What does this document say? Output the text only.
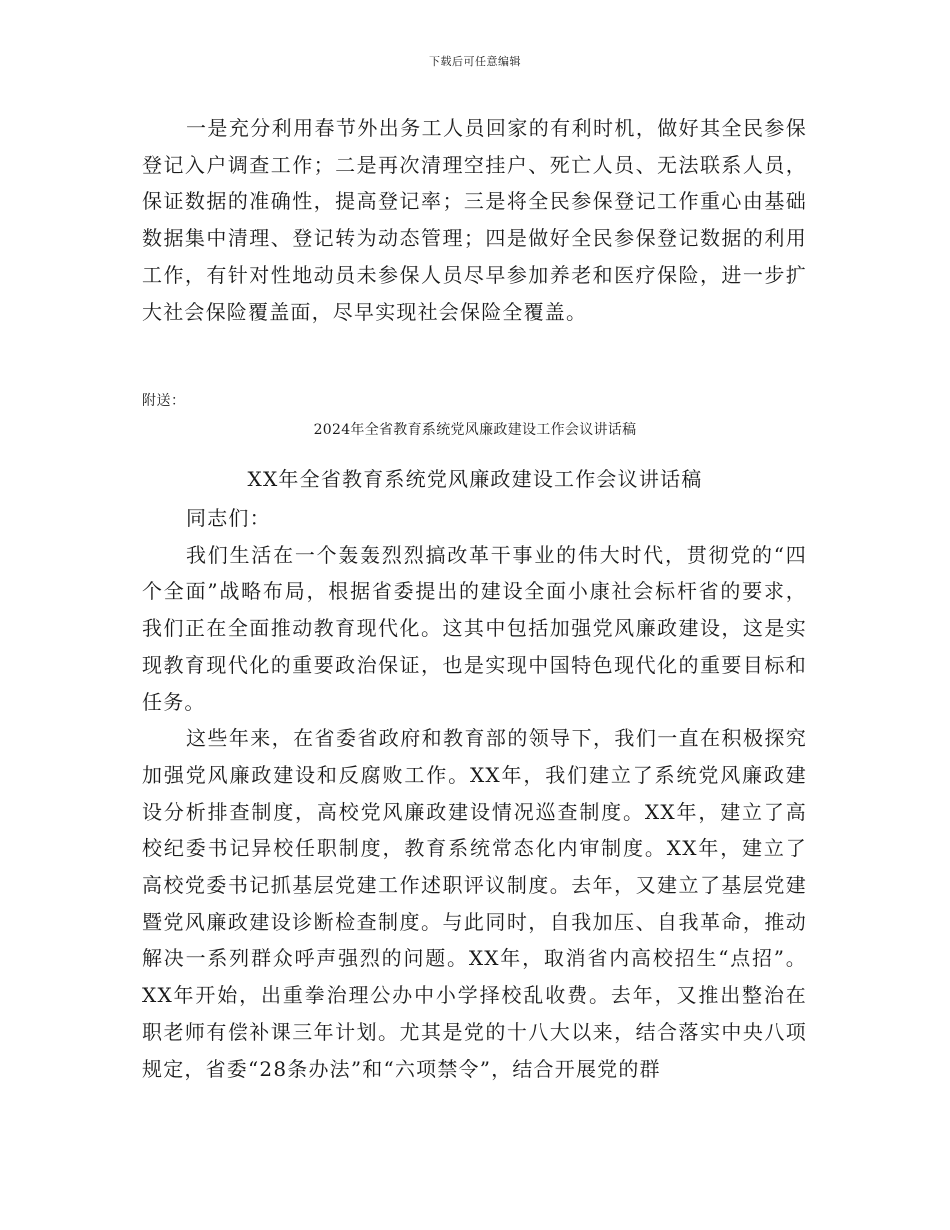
下载后可任意编辑

一是充分利用春节外出务工人员回家的有利时机，做好其全民参保登记入户调查工作；二是再次清理空挂户、死亡人员、无法联系人员，保证数据的准确性，提高登记率；三是将全民参保登记工作重心由基础数据集中清理、登记转为动态管理；四是做好全民参保登记数据的利用工作，有针对性地动员未参保人员尽早参加养老和医疗保险，进一步扩大社会保险覆盖面，尽早实现社会保险全覆盖。

附送：
2024年全省教育系统党风廉政建设工作会议讲话稿
XX年全省教育系统党风廉政建设工作会议讲话稿

同志们：

我们生活在一个轰轰烈烈搞改革干事业的伟大时代，贯彻党的“四个全面”战略布局，根据省委提出的建设全面小康社会标杆省的要求，我们正在全面推动教育现代化。这其中包括加强党风廉政建设，这是实现教育现代化的重要政治保证，也是实现中国特色现代化的重要目标和任务。

这些年来，在省委省政府和教育部的领导下，我们一直在积极探究加强党风廉政建设和反腐败工作。XX年，我们建立了系统党风廉政建设分析排查制度，高校党风廉政建设情况巡查制度。XX年，建立了高校纪委书记异校任职制度，教育系统常态化内审制度。XX年，建立了高校党委书记抓基层党建工作述职评议制度。去年，又建立了基层党建暨党风廉政建设诊断检查制度。与此同时，自我加压、自我革命，推动解决一系列群众呼声强烈的问题。XX年，取消省内高校招生“点招”。XX年开始，出重拳治理公办中小学择校乱收费。去年，又推出整治在职老师有偿补课三年计划。尤其是党的十八大以来，结合落实中央八项规定，省委“28条办法”和“六项禁令”，结合开展党的群
